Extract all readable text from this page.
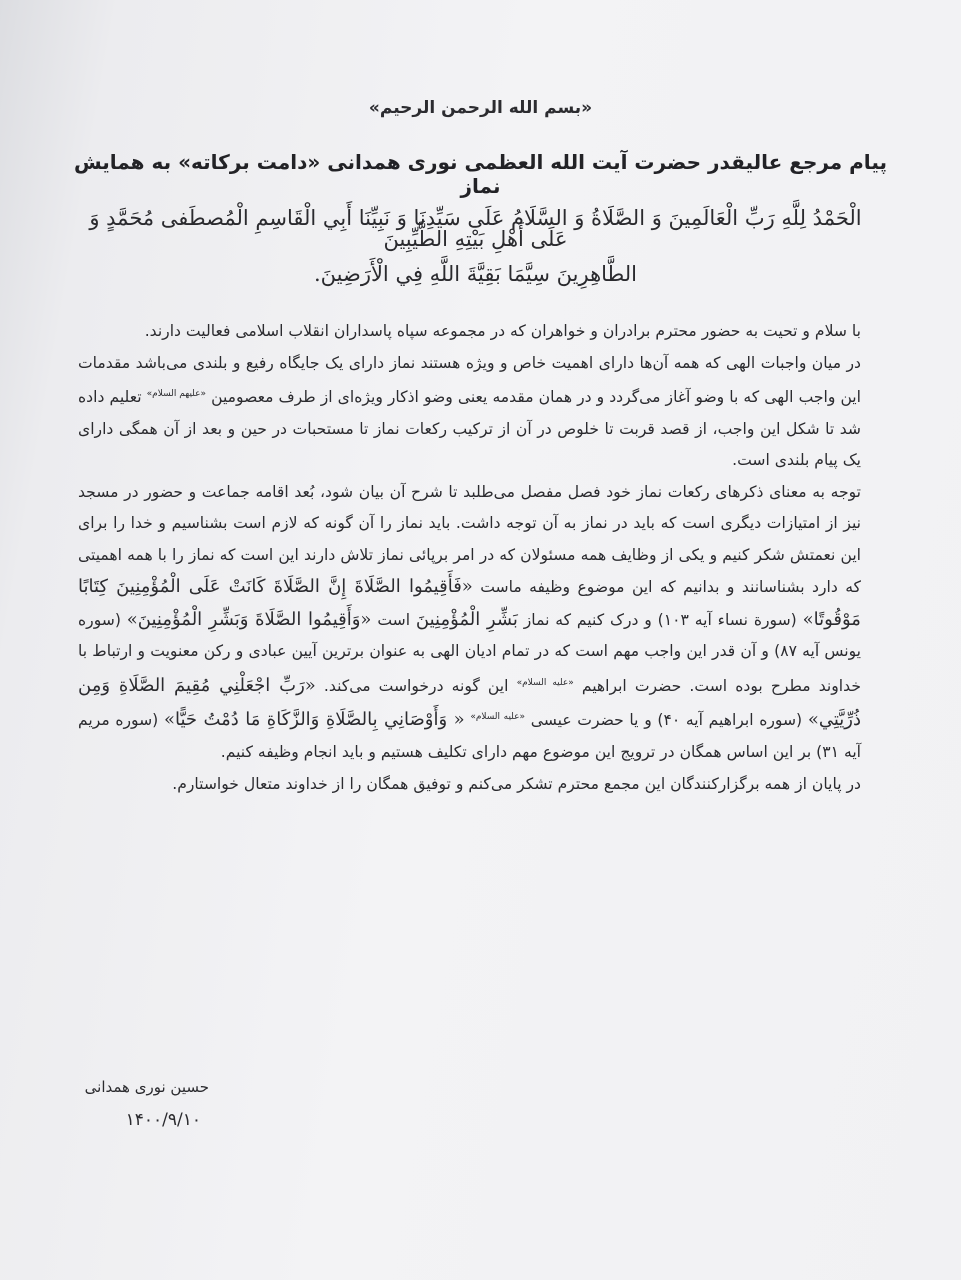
«بسم الله الرحمن الرحیم»
پیام مرجع عالیقدر حضرت آیت الله العظمی نوری همدانی «دامت برکاته» به همایش نماز
الْحَمْدُ لِلَّهِ رَبِّ الْعَالَمِينَ وَ الصَّلَاةُ وَ السَّلَامُ عَلَى سَيِّدِنَا وَ نَبِيِّنَا أَبِي الْقَاسِمِ الْمُصطَفى مُحَمَّدٍ وَ عَلَى أَهْلِ بَيْتِهِ الطَّيِّبِينَ
الطَّاهِرِينَ سِيَّمَا بَقِيَّةَ اللَّهِ فِي الْأَرَضِينَ.

با سلام و تحیت به حضور محترم برادران و خواهران که در مجموعه سپاه پاسداران انقلاب اسلامی فعالیت دارند.

در میان واجبات الهی که همه آن‌ها دارای اهمیت خاص و ویژه هستند نماز دارای یک جایگاه رفیع و بلندی می‌باشد مقدمات این واجب الهی که با وضو آغاز می‌گردد و در همان مقدمه یعنی وضو اذکار ویژه‌ای از طرف معصومین $^{«علیهم السلام»}$ تعلیم داده شد تا شکل این واجب، از قصد قربت تا خلوص در آن از ترکیب رکعات نماز تا مستحبات در حین و بعد از آن همگی دارای یک پیام بلندی است.

توجه به معنای ذکرهای رکعات نماز خود فصل مفصل می‌طلبد تا شرح آن بیان شود، بُعد اقامه جماعت و حضور در مسجد نیز از امتیازات دیگری است که باید در نماز به آن توجه داشت. باید نماز را آن گونه که لازم است بشناسیم و خدا را برای این نعمتش شکر کنیم و یکی از وظایف همه مسئولان که در امر برپائی نماز تلاش دارند این است که نماز را با همه اهمیتی که دارد بشناسانند و بدانیم که این موضوع وظیفه ماست «فَأَقِيمُوا الصَّلَاةَ إِنَّ الصَّلَاةَ كَانَتْ عَلَى الْمُؤْمِنِينَ كِتَابًا مَوْقُوتًا» (سورة نساء آیه ۱۰۳) و درک کنیم که نماز بَشِّرِ الْمُؤْمِنِينَ است «وَأَقِيمُوا الصَّلَاةَ وَبَشِّرِ الْمُؤْمِنِينَ» (سوره یونس آیه ۸۷) و آن قدر این واجب مهم است که در تمام ادیان الهی به عنوان برترین آیین عبادی و رکن معنویت و ارتباط با خداوند مطرح بوده است. حضرت ابراهیم $^{«علیه السلام»}$ این گونه درخواست می‌کند. «رَبِّ اجْعَلْنِي مُقِيمَ الصَّلَاةِ وَمِن ذُرِّيَّتِي» (سوره ابراهیم آیه ۴۰) و یا حضرت عیسی $^{«علیه السلام»}$ « وَأَوْصَانِي بِالصَّلَاةِ وَالزَّكَاةِ مَا دُمْتُ حَيًّا» (سوره مریم آیه ۳۱) بر این اساس همگان در ترویج این موضوع مهم دارای تکلیف هستیم و باید انجام وظیفه کنیم.

در پایان از همه برگزارکنندگان این مجمع محترم تشکر می‌کنم و توفیق همگان را از خداوند متعال خواستارم.

حسین نوری همدانی
۱۴۰۰/۹/۱۰
